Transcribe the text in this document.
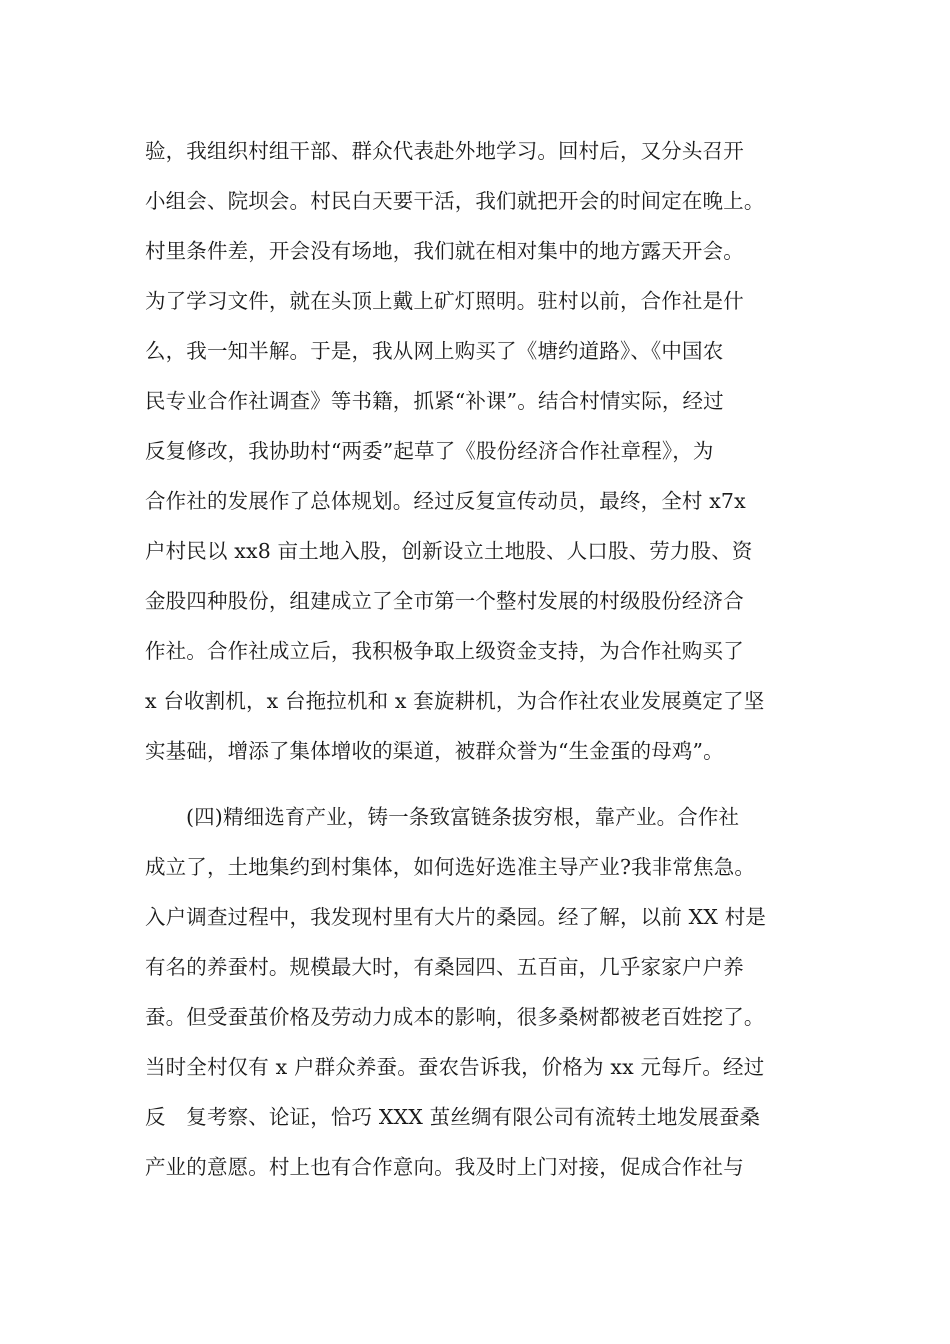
验，我组织村组干部、群众代表赴外地学习。回村后，又分头召开
小组会、院坝会。村民白天要干活，我们就把开会的时间定在晚上。
村里条件差，开会没有场地，我们就在相对集中的地方露天开会。
为了学习文件，就在头顶上戴上矿灯照明。驻村以前，合作社是什
么，我一知半解。于是，我从网上购买了《塘约道路》、《中国农
民专业合作社调查》等书籍，抓紧“补课”。结合村情实际，经过
反复修改，我协助村“两委”起草了《股份经济合作社章程》，为
合作社的发展作了总体规划。经过反复宣传动员，最终，全村 x7x
户村民以 xx8 亩土地入股，创新设立土地股、人口股、劳力股、资
金股四种股份，组建成立了全市第一个整村发展的村级股份经济合
作社。合作社成立后，我积极争取上级资金支持，为合作社购买了
x 台收割机，x 台拖拉机和 x 套旋耕机，为合作社农业发展奠定了坚
实基础，增添了集体增收的渠道，被群众誉为“生金蛋的母鸡”。
(四)精细选育产业，铸一条致富链条拔穷根，靠产业。合作社
成立了，土地集约到村集体，如何选好选准主导产业?我非常焦急。
入户调查过程中，我发现村里有大片的桑园。经了解，以前 XX 村是
有名的养蚕村。规模最大时，有桑园四、五百亩，几乎家家户户养
蚕。但受蚕茧价格及劳动力成本的影响，很多桑树都被老百姓挖了。
当时全村仅有 x 户群众养蚕。蚕农告诉我，价格为 xx 元每斤。经过
反　复考察、论证，恰巧 XXX 茧丝绸有限公司有流转土地发展蚕桑
产业的意愿。村上也有合作意向。我及时上门对接，促成合作社与
